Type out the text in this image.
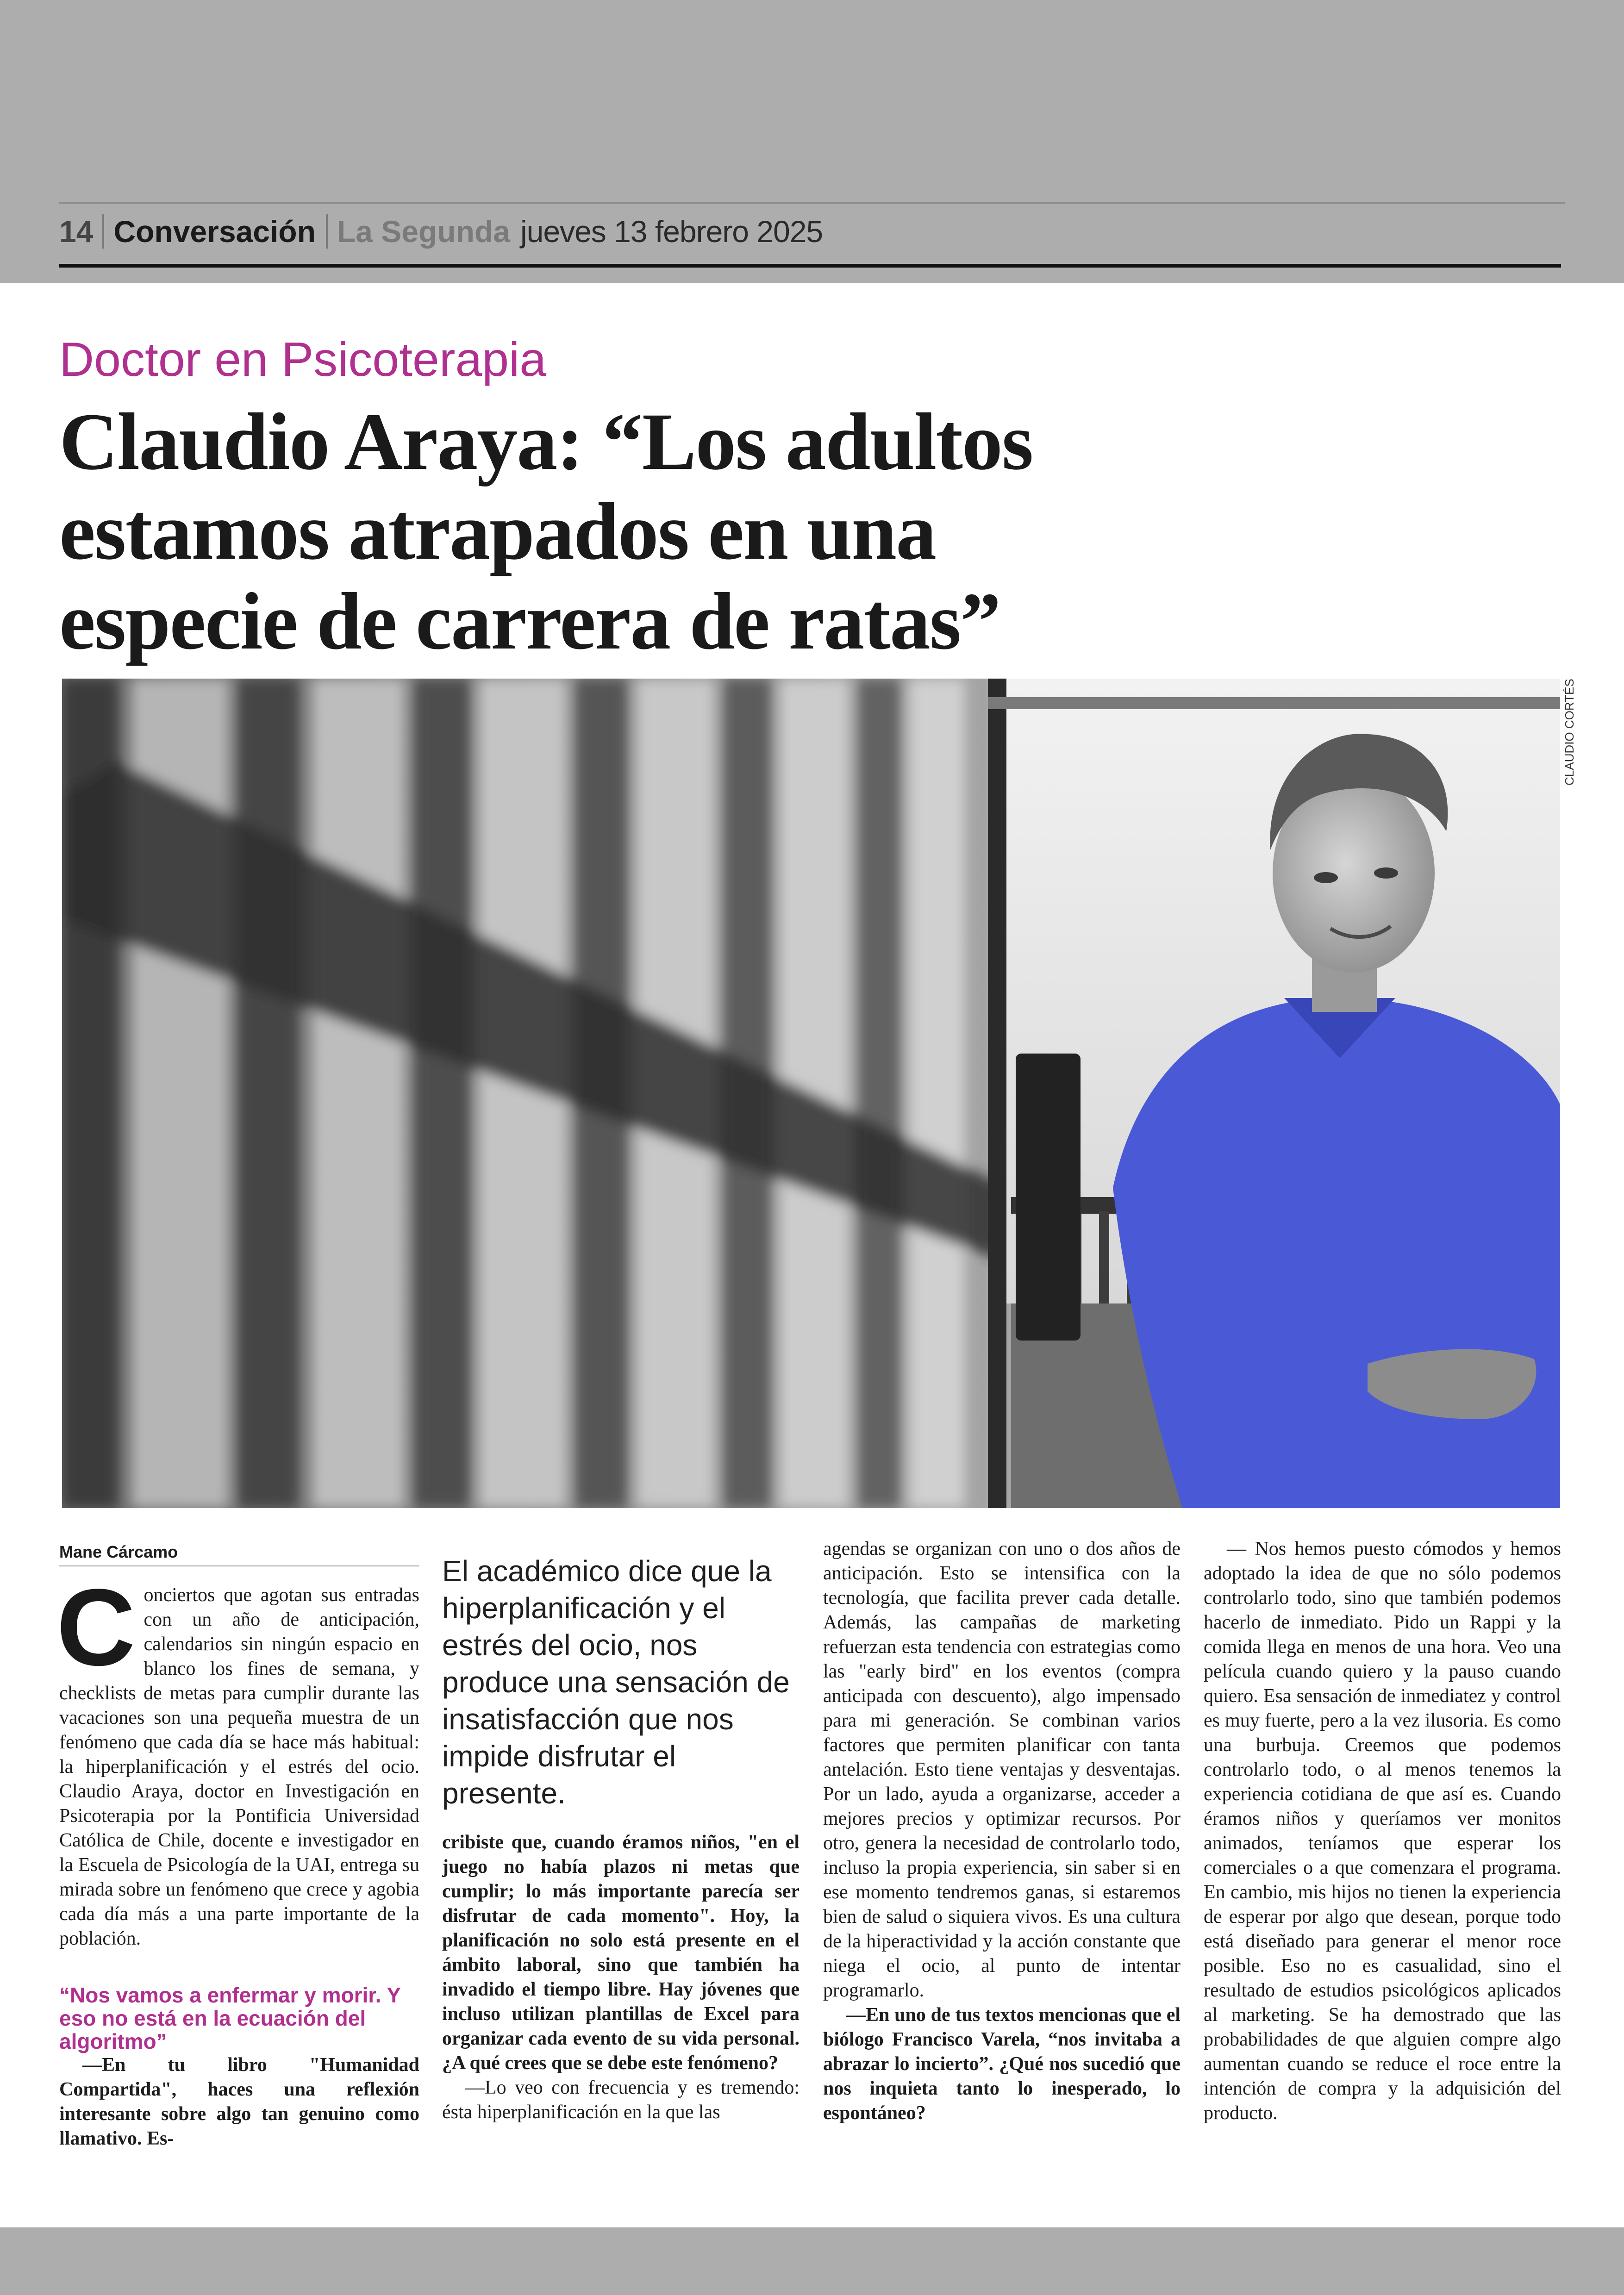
14 Conversación La Segunda jueves 13 febrero 2025
Doctor en Psicoterapia
Claudio Araya: “Los adultos
estamos atrapados en una
especie de carrera de ratas”
CLAUDIO CORTÉS
Mane Cárcamo

Conciertos que agotan sus entradas con un año de anticipación, calendarios sin ningún espacio en blanco los fines de semana, y checklists de metas para cumplir durante las vacaciones son una pequeña muestra de un fenómeno que cada día se hace más habitual: la hiperplanificación y el estrés del ocio. Claudio Araya, doctor en Investigación en Psicoterapia por la Pontificia Universidad Católica de Chile, docente e investigador en la Escuela de Psicología de la UAI, entrega su mirada sobre un fenómeno que crece y agobia cada día más a una parte importante de la población.

“Nos vamos a enfermar y morir. Y eso no está en la ecuación del algoritmo”

—En tu libro "Humanidad Compartida", haces una reflexión interesante sobre algo tan genuino como llamativo. Es-

El académico dice que la hiperplanificación y el estrés del ocio, nos produce una sensación de insatisfacción que nos impide disfrutar el presente.

cribiste que, cuando éramos niños, "en el juego no había plazos ni metas que cumplir; lo más importante parecía ser disfrutar de cada momento". Hoy, la planificación no solo está presente en el ámbito laboral, sino que también ha invadido el tiempo libre. Hay jóvenes que incluso utilizan plantillas de Excel para organizar cada evento de su vida personal. ¿A qué crees que se debe este fenómeno?

—Lo veo con frecuencia y es tremendo: ésta hiperplanificación en la que las

agendas se organizan con uno o dos años de anticipación. Esto se intensifica con la tecnología, que facilita prever cada detalle. Además, las campañas de marketing refuerzan esta tendencia con estrategias como las "early bird" en los eventos (compra anticipada con descuento), algo impensado para mi generación. Se combinan varios factores que permiten planificar con tanta antelación. Esto tiene ventajas y desventajas. Por un lado, ayuda a organizarse, acceder a mejores precios y optimizar recursos. Por otro, genera la necesidad de controlarlo todo, incluso la propia experiencia, sin saber si en ese momento tendremos ganas, si estaremos bien de salud o siquiera vivos. Es una cultura de la hiperactividad y la acción constante que niega el ocio, al punto de intentar programarlo.

—En uno de tus textos mencionas que el biólogo Francisco Varela, “nos invitaba a abrazar lo incierto”. ¿Qué nos sucedió que nos inquieta tanto lo inesperado, lo espontáneo?

— Nos hemos puesto cómodos y hemos adoptado la idea de que no sólo podemos controlarlo todo, sino que también podemos hacerlo de inmediato. Pido un Rappi y la comida llega en menos de una hora. Veo una película cuando quiero y la pauso cuando quiero. Esa sensación de inmediatez y control es muy fuerte, pero a la vez ilusoria. Es como una burbuja. Creemos que podemos controlarlo todo, o al menos tenemos la experiencia cotidiana de que así es. Cuando éramos niños y queríamos ver monitos animados, teníamos que esperar los comerciales o a que comenzara el programa. En cambio, mis hijos no tienen la experiencia de esperar por algo que desean, porque todo está diseñado para generar el menor roce posible. Eso no es casualidad, sino el resultado de estudios psicológicos aplicados al marketing. Se ha demostrado que las probabilidades de que alguien compre algo aumentan cuando se reduce el roce entre la intención de compra y la adquisición del producto.
